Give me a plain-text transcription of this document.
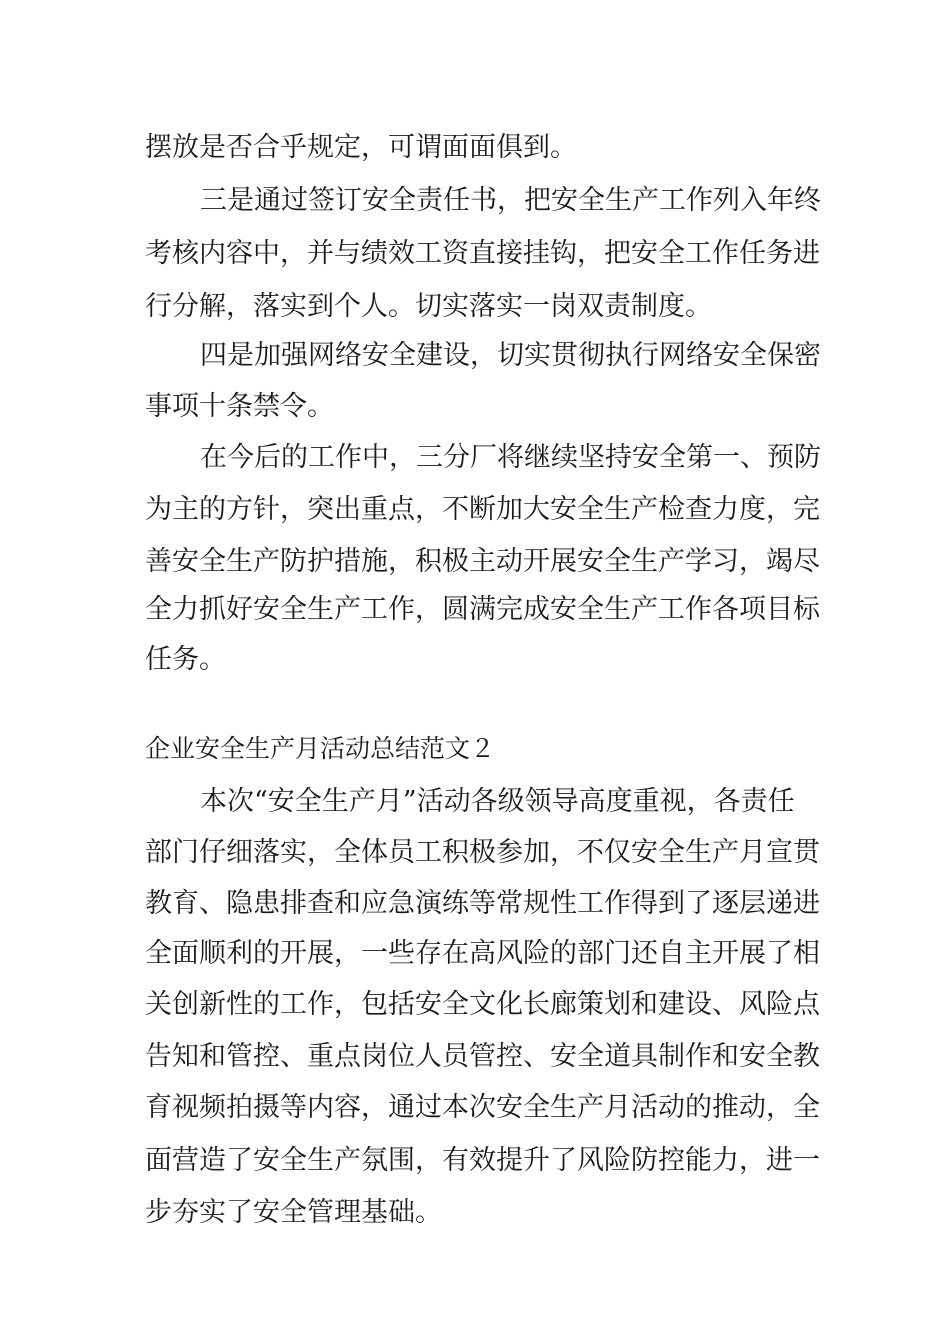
摆放是否合乎规定，可谓面面俱到。
三是通过签订安全责任书，把安全生产工作列入年终
考核内容中，并与绩效工资直接挂钩，把安全工作任务进
行分解，落实到个人。切实落实一岗双责制度。
四是加强网络安全建设，切实贯彻执行网络安全保密
事项十条禁令。
在今后的工作中，三分厂将继续坚持安全第一、预防
为主的方针，突出重点，不断加大安全生产检查力度，完
善安全生产防护措施，积极主动开展安全生产学习，竭尽
全力抓好安全生产工作，圆满完成安全生产工作各项目标
任务。
企业安全生产月活动总结范文２
本次“安全生产月”活动各级领导高度重视，各责任
部门仔细落实，全体员工积极参加，不仅安全生产月宣贯
教育、隐患排查和应急演练等常规性工作得到了逐层递进
全面顺利的开展，一些存在高风险的部门还自主开展了相
关创新性的工作，包括安全文化长廊策划和建设、风险点
告知和管控、重点岗位人员管控、安全道具制作和安全教
育视频拍摄等内容，通过本次安全生产月活动的推动，全
面营造了安全生产氛围，有效提升了风险防控能力，进一
步夯实了安全管理基础。
